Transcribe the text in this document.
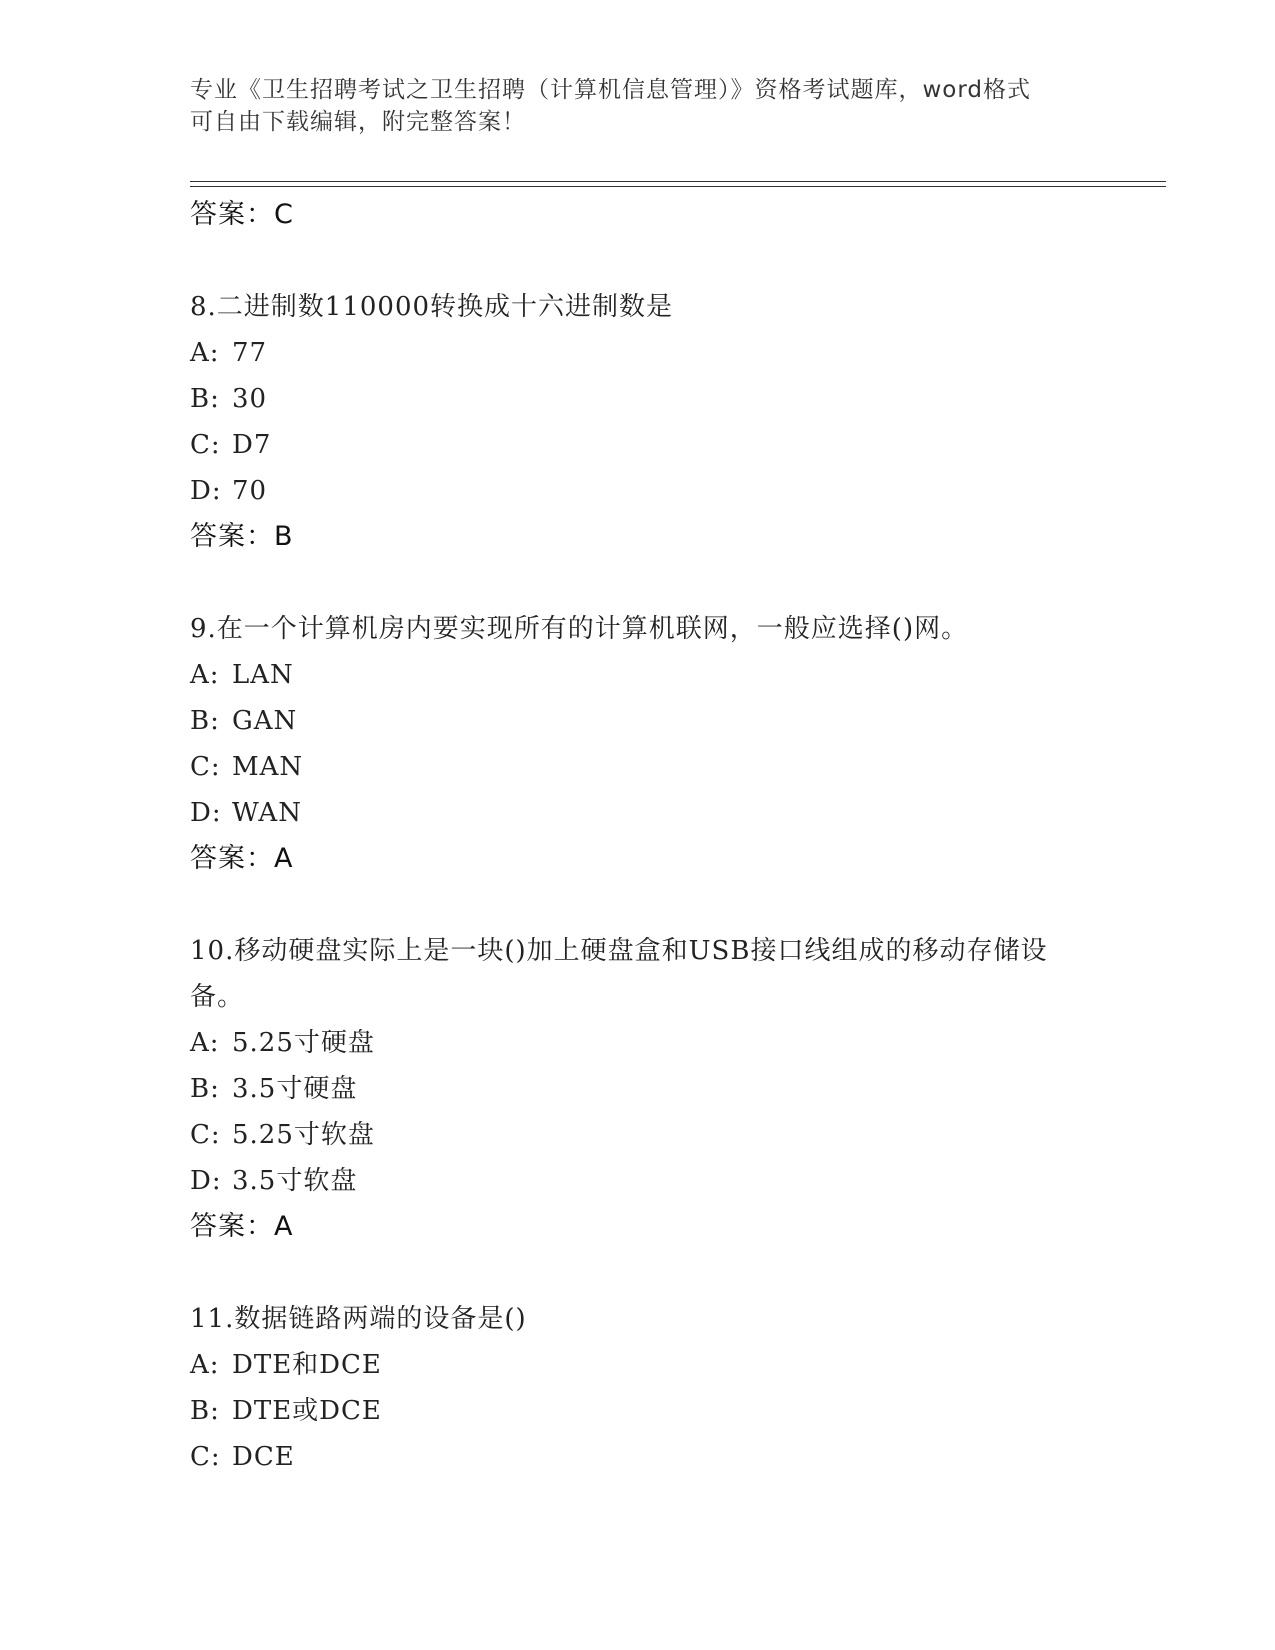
专业《卫生招聘考试之卫生招聘（计算机信息管理）》资格考试题库，word格式
可自由下载编辑，附完整答案！
答案：C
8.二进制数110000转换成十六进制数是
A: 77
B: 30
C: D7
D: 70
答案：B
9.在一个计算机房内要实现所有的计算机联网，一般应选择()网。
A: LAN
B: GAN
C: MAN
D: WAN
答案：A
10.移动硬盘实际上是一块()加上硬盘盒和USB接口线组成的移动存储设备。
A: 5.25寸硬盘
B: 3.5寸硬盘
C: 5.25寸软盘
D: 3.5寸软盘
答案：A
11.数据链路两端的设备是()
A: DTE和DCE
B: DTE或DCE
C: DCE
